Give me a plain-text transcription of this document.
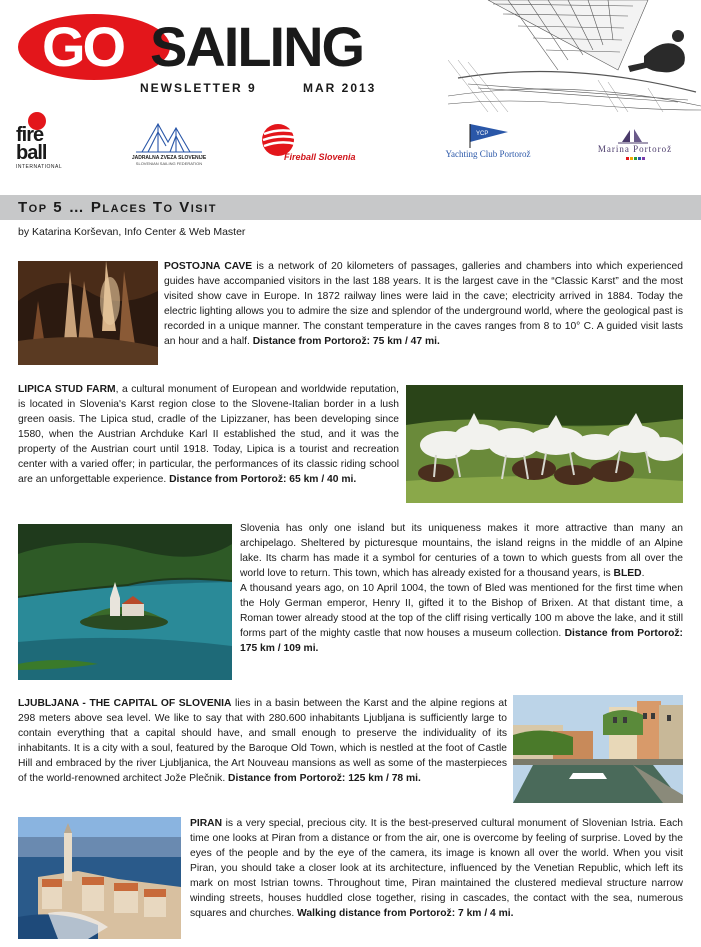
GO SAILING
NEWSLETTER 9	MAR 2013
fire ball
INTERNATIONAL
JADRALNA ZVEZA SLOVENIJE
SLOVENIAN SAILING FEDERATION
Fireball Slovenia
YCP
Yachting Club Portorož	Marina Portorož
Top 5 … Places To Visit
by Katarina Korševan, Info Center & Web Master

POSTOJNA CAVE is a network of 20 kilometers of passages, galleries and chambers into which experienced guides have accompanied visitors in the last 188 years. It is the largest cave in the “Classic Karst” and the most visited show cave in Europe. In 1872 railway lines were laid in the cave; electricity arrived in 1884. Today the electric lighting allows you to admire the size and splendor of the underground world, where the geological past is recorded in a unique manner. The constant temperature in the caves ranges from 8 to 10° C. A guided visit lasts an hour and a half. Distance from Portorož: 75 km / 47 mi.

LIPICA STUD FARM, a cultural monument of European and worldwide reputation, is located in Slovenia's Karst region close to the Slovene-Italian border in a lush green oasis. The Lipica stud, cradle of the Lipizzaner, has been developing since 1580, when the Austrian Archduke Karl II established the stud, and it was the property of the Austrian court until 1918. Today, Lipica is a tourist and recreation center with a varied offer; in particular, the performances of its classic riding school are an unforgettable experience. Distance from Portorož: 65 km / 40 mi.

Slovenia has only one island but its uniqueness makes it more attractive than many an archipelago. Sheltered by picturesque mountains, the island reigns in the middle of an Alpine lake. Its charm has made it a symbol for centuries of a town to which guests from all over the world love to return. This town, which has already existed for a thousand years, is BLED.
A thousand years ago, on 10 April 1004, the town of Bled was mentioned for the first time when the Holy German emperor, Henry II, gifted it to the Bishop of Brixen. At that distant time, a Roman tower already stood at the top of the cliff rising vertically 100 m above the lake, and it still forms part of the mighty castle that now houses a museum collection. Distance from Portorož: 175 km / 109 mi.

LJUBLJANA - THE CAPITAL OF SLOVENIA lies in a basin between the Karst and the alpine regions at 298 meters above sea level. We like to say that with 280.600 inhabitants Ljubljana is sufficiently large to contain everything that a capital should have, and small enough to preserve the individuality of its inhabitants. It is a city with a soul, featured by the Baroque Old Town, which is nestled at the foot of Castle Hill and embraced by the river Ljubljanica, the Art Nouveau mansions as well as some of the masterpieces of the world-renowned architect Jože Plečnik. Distance from Portorož: 125 km / 78 mi.

PIRAN is a very special, precious city. It is the best-preserved cultural monument of Slovenian Istria. Each time one looks at Piran from a distance or from the air, one is overcome by feeling of surprise. Loved by the eyes of the people and by the eye of the camera, its image is known all over the world. When you visit Piran, you should take a closer look at its architecture, influenced by the Venetian Republic, which left its mark on most Istrian towns. Throughout time, Piran maintained the clustered medieval structure narrow winding streets, houses huddled close together, rising in cascades, the contact with the sea, numerous squares and churches. Walking distance from Portorož: 7 km / 4 mi.
